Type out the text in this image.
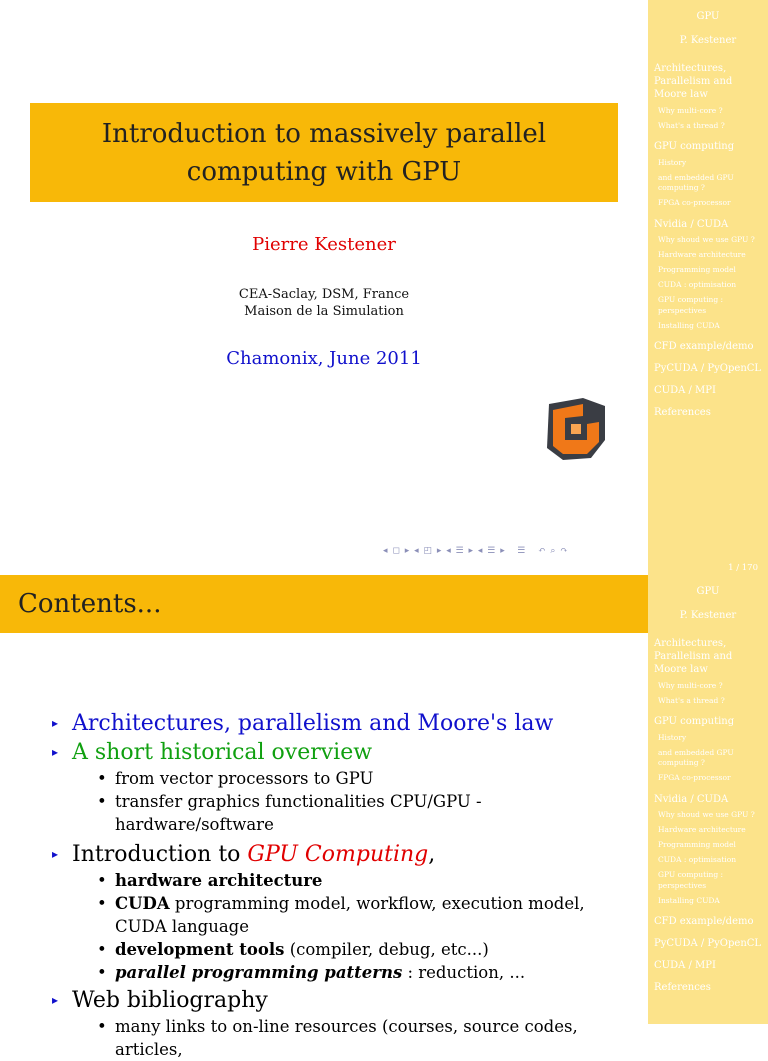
Introduction to massively parallel
computing with GPU
Pierre Kestener
CEA-Saclay, DSM, France
Maison de la Simulation
Chamonix, June 2011
◂ ◻ ▸ ◂ ◰ ▸ ◂ ☰ ▸ ◂ ☰ ▸   ☰   ↶ ⌕ ↷
GPU
P. Kestener
Architectures, Parallelism and Moore law
Why multi-core ?
What's a thread ?
GPU computing
History
and embedded GPU computing ?
FPGA co-processor
Nvidia / CUDA
Why shoud we use GPU ?
Hardware architecture
Programming model
CUDA : optimisation
GPU computing : perspectives
Installing CUDA
CFD example/demo
PyCUDA / PyOpenCL
CUDA / MPI
References
1 / 170
Contents...
▸ Architectures, parallelism and Moore's law
▸ A short historical overview
• from vector processors to GPU
• transfer graphics functionalities CPU/GPU - hardware/software
▸ Introduction to GPU Computing,
• hardware architecture
• CUDA programming model, workflow, execution model, CUDA language
• development tools (compiler, debug, etc...)
• parallel programming patterns : reduction, ...
▸ Web bibliography
• many links to on-line resources (courses, source codes, articles,
GPU
P. Kestener
Architectures, Parallelism and Moore law
Why multi-core ?
What's a thread ?
GPU computing
History
and embedded GPU computing ?
FPGA co-processor
Nvidia / CUDA
Why shoud we use GPU ?
Hardware architecture
Programming model
CUDA : optimisation
GPU computing : perspectives
Installing CUDA
CFD example/demo
PyCUDA / PyOpenCL
CUDA / MPI
References
